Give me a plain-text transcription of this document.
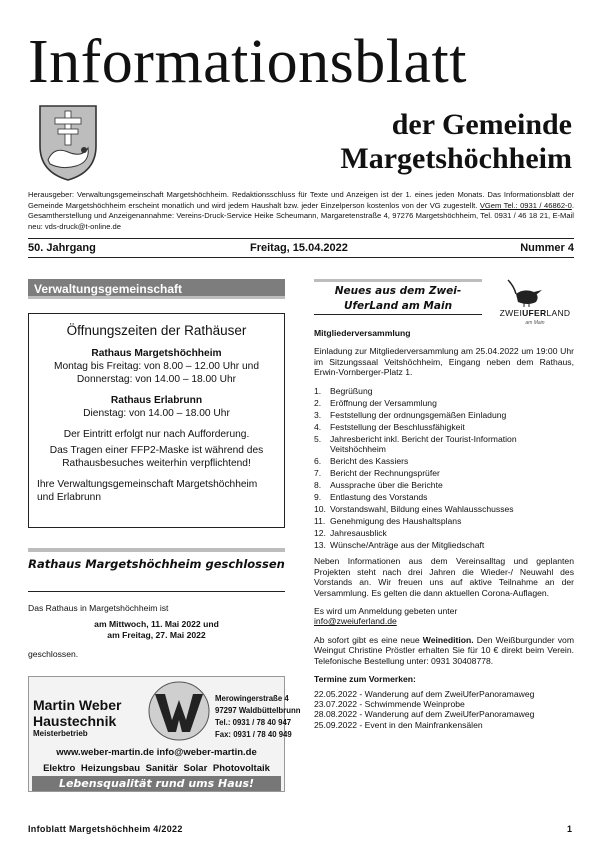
Informationsblatt
der Gemeinde
Margetshöchheim
Herausgeber: Verwaltungsgemeinschaft Margetshöchheim. Redaktionsschluss für Texte und Anzeigen ist der 1. eines jeden Monats. Das Informationsblatt der Gemeinde Margetshöchheim erscheint monatlich und wird jedem Haushalt bzw. jeder Einzelperson kostenlos von der VG zugestellt. VGem Tel.: 0931 / 46862-0. Gesamtherstellung und Anzeigenannahme: Vereins-Druck-Service Heike Scheumann, Margaretenstraße 4, 97276 Margetshöchheim, Tel. 0931 / 46 18 21, E-Mail neu: vds-druck@t-online.de
50. Jahrgang	Freitag, 15.04.2022	Nummer 4
Verwaltungsgemeinschaft
Öffnungszeiten der Rathäuser
Rathaus Margetshöchheim
Montag bis Freitag: von 8.00 – 12.00 Uhr und Donnerstag: von 14.00 – 18.00 Uhr
Rathaus Erlabrunn
Dienstag: von 14.00 – 18.00 Uhr
Der Eintritt erfolgt nur nach Aufforderung.
Das Tragen einer FFP2-Maske ist während des Rathausbesuches weiterhin verpflichtend!
Ihre Verwaltungsgemeinschaft Margetshöchheim und Erlabrunn
Rathaus Margetshöchheim geschlossen
Das Rathaus in Margetshöchheim ist
am Mittwoch, 11. Mai 2022 und
am Freitag, 27. Mai 2022
geschlossen.
Martin Weber
Haustechnik
Meisterbetrieb
Merowingerstraße 4
97297 Waldbüttelbrunn
Tel.: 0931 / 78 40 947
Fax: 0931 / 78 40 949
www.weber-martin.de info@weber-martin.de
Elektro Heizungsbau Sanitär Solar Photovoltaik
Lebensqualität rund ums Haus!
Neues aus dem Zwei-UferLand am Main
ZWEIUFERLAND
am Main
Mitgliederversammlung

Einladung zur Mitgliederversammlung am 25.04.2022 um 19:00 Uhr im Sitzungssaal Veitshöchheim, Eingang neben dem Rathaus, Erwin-Vornberger-Platz 1.

1.	Begrüßung
2.	Eröffnung der Versammlung
3.	Feststellung der ordnungsgemäßen Einladung
4.	Feststellung der Beschlussfähigkeit
5.	Jahresbericht inkl. Bericht der Tourist-Information Veitshöchheim
6.	Bericht des Kassiers
7.	Bericht der Rechnungsprüfer
8.	Aussprache über die Berichte
9.	Entlastung des Vorstands
10. Vorstandswahl, Bildung eines Wahlausschusses
11. Genehmigung des Haushaltsplans
12. Jahresausblick
13. Wünsche/Anträge aus der Mitgliedschaft

Neben Informationen aus dem Vereinsalltag und geplanten Projekten steht nach drei Jahren die Wieder-/ Neuwahl des Vorstands an. Wir freuen uns auf aktive Teilnahme an der Versammlung. Es gelten die dann aktuellen Corona-Auflagen.

Es wird um Anmeldung gebeten unter
info@zweiuferland.de

Ab sofort gibt es eine neue Weinedition. Den Weißburgunder vom Weingut Christine Pröstler erhalten Sie für 10 € direkt beim Verein. Telefonische Bestellung unter: 0931 30408778.

Termine zum Vormerken:
22.05.2022 - Wanderung auf dem ZweiUferPanoramaweg
23.07.2022 - Schwimmende Weinprobe
28.08.2022 - Wanderung auf dem ZweiUferPanoramaweg
25.09.2022 - Event in den Mainfrankensälen
Infoblatt Margetshöchheim 4/2022	1
